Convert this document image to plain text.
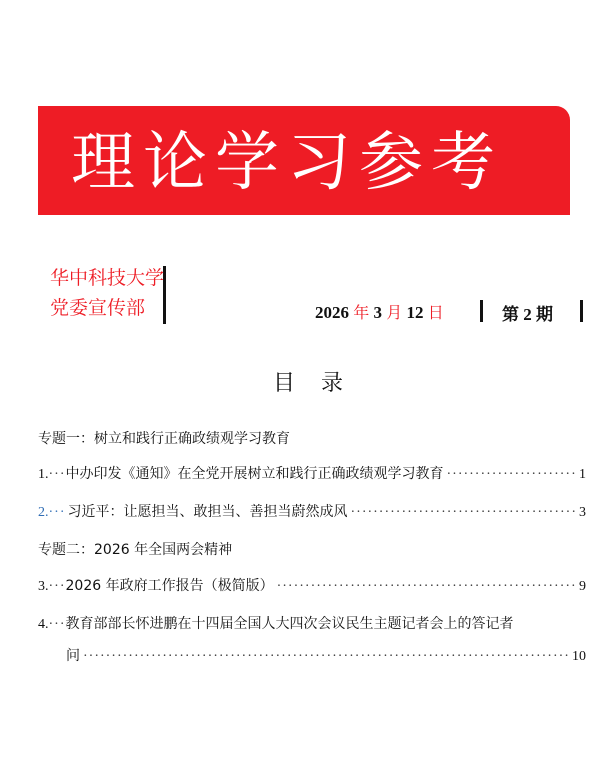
理论学习参考
华中科技大学
党委宣传部	2026 年 3 月 12 日	第 2 期
目录
专题一：树立和践行正确政绩观学习教育
1. ··· 中办印发《通知》在全党开展树立和践行正确政绩观学习教育 ·····	1
2. ··· 习近平：让愿担当、敢担当、善担当蔚然成风 ·····	3
专题二：2026 年全国两会精神
3. ··· 2026 年政府工作报告（极简版） ·····	9
4. ··· 教育部部长怀进鹏在十四届全国人大四次会议民生主题记者会上的答记者
问 ·····	10
